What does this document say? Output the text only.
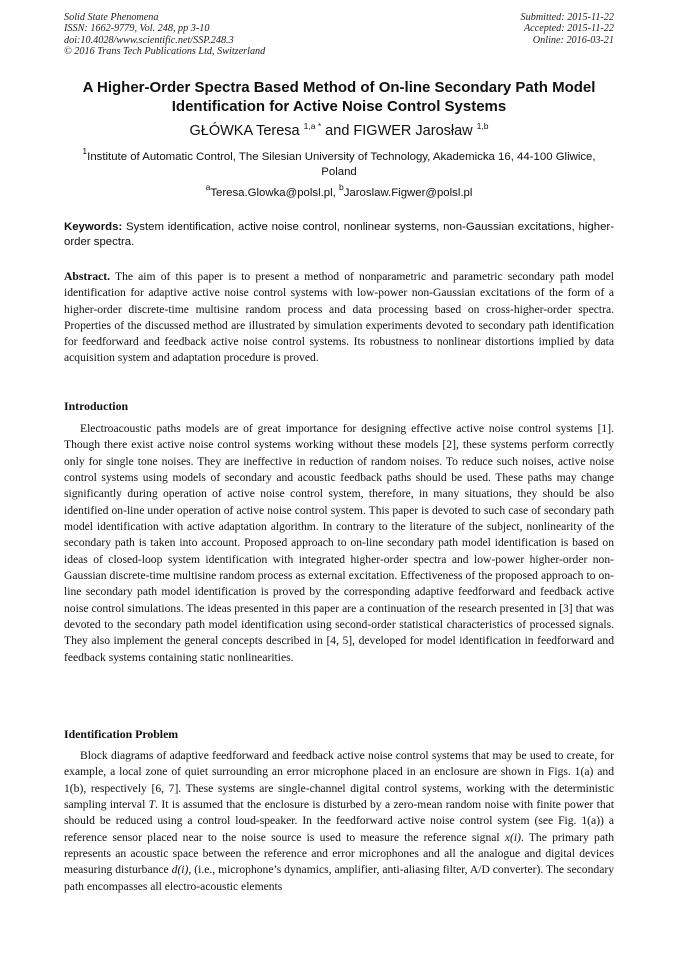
Solid State Phenomena
ISSN: 1662-9779, Vol. 248, pp 3-10
doi:10.4028/www.scientific.net/SSP.248.3
© 2016 Trans Tech Publications Ltd, Switzerland
Submitted: 2015-11-22
Accepted: 2015-11-22
Online: 2016-03-21
A Higher-Order Spectra Based Method of On-line Secondary Path Model Identification for Active Noise Control Systems
GŁÓWKA Teresa $^{1,a *}$ and FIGWER Jarosław $^{1,b}$
$^1$Institute of Automatic Control, The Silesian University of Technology, Akademicka 16, 44-100 Gliwice, Poland
$^a$Teresa.Glowka@polsl.pl, $^b$Jaroslaw.Figwer@polsl.pl
Keywords: System identification, active noise control, nonlinear systems, non-Gaussian excitations, higher-order spectra.
Abstract. The aim of this paper is to present a method of nonparametric and parametric secondary path model identification for adaptive active noise control systems with low-power non-Gaussian excitations of the form of a higher-order discrete-time multisine random process and data processing based on cross-higher-order spectra. Properties of the discussed method are illustrated by simulation experiments devoted to secondary path identification for feedforward and feedback active noise control systems. Its robustness to nonlinear distortions implied by data acquisition system and adaptation procedure is proved.
Introduction
Electroacoustic paths models are of great importance for designing effective active noise control systems [1]. Though there exist active noise control systems working without these models [2], these systems perform correctly only for single tone noises. They are ineffective in reduction of random noises. To reduce such noises, active noise control systems using models of secondary and acoustic feedback paths should be used. These paths may change significantly during operation of active noise control system, therefore, in many situations, they should be also identified on-line under operation of active noise control system. This paper is devoted to such case of secondary path model identification with active adaptation algorithm. In contrary to the literature of the subject, nonlinearity of the secondary path is taken into account. Proposed approach to on-line secondary path model identification is based on ideas of closed-loop system identification with integrated higher-order spectra and low-power higher-order non-Gaussian discrete-time multisine random process as external excitation. Effectiveness of the proposed approach to on-line secondary path model identification is proved by the corresponding adaptive feedforward and feedback active noise control simulations. The ideas presented in this paper are a continuation of the research presented in [3] that was devoted to the secondary path model identification using second-order statistical characteristics of processed signals. They also implement the general concepts described in [4, 5], developed for model identification in feedforward and feedback systems containing static nonlinearities.
Identification Problem
Block diagrams of adaptive feedforward and feedback active noise control systems that may be used to create, for example, a local zone of quiet surrounding an error microphone placed in an enclosure are shown in Figs. 1(a) and 1(b), respectively [6, 7]. These systems are single-channel digital control systems, working with the deterministic sampling interval T. It is assumed that the enclosure is disturbed by a zero-mean random noise with finite power that should be reduced using a control loud-speaker. In the feedforward active noise control system (see Fig. 1(a)) a reference sensor placed near to the noise source is used to measure the reference signal x(i). The primary path represents an acoustic space between the reference and error microphones and all the analogue and digital devices measuring disturbance d(i), (i.e., microphone’s dynamics, amplifier, anti-aliasing filter, A/D converter). The secondary path encompasses all electro-acoustic elements
